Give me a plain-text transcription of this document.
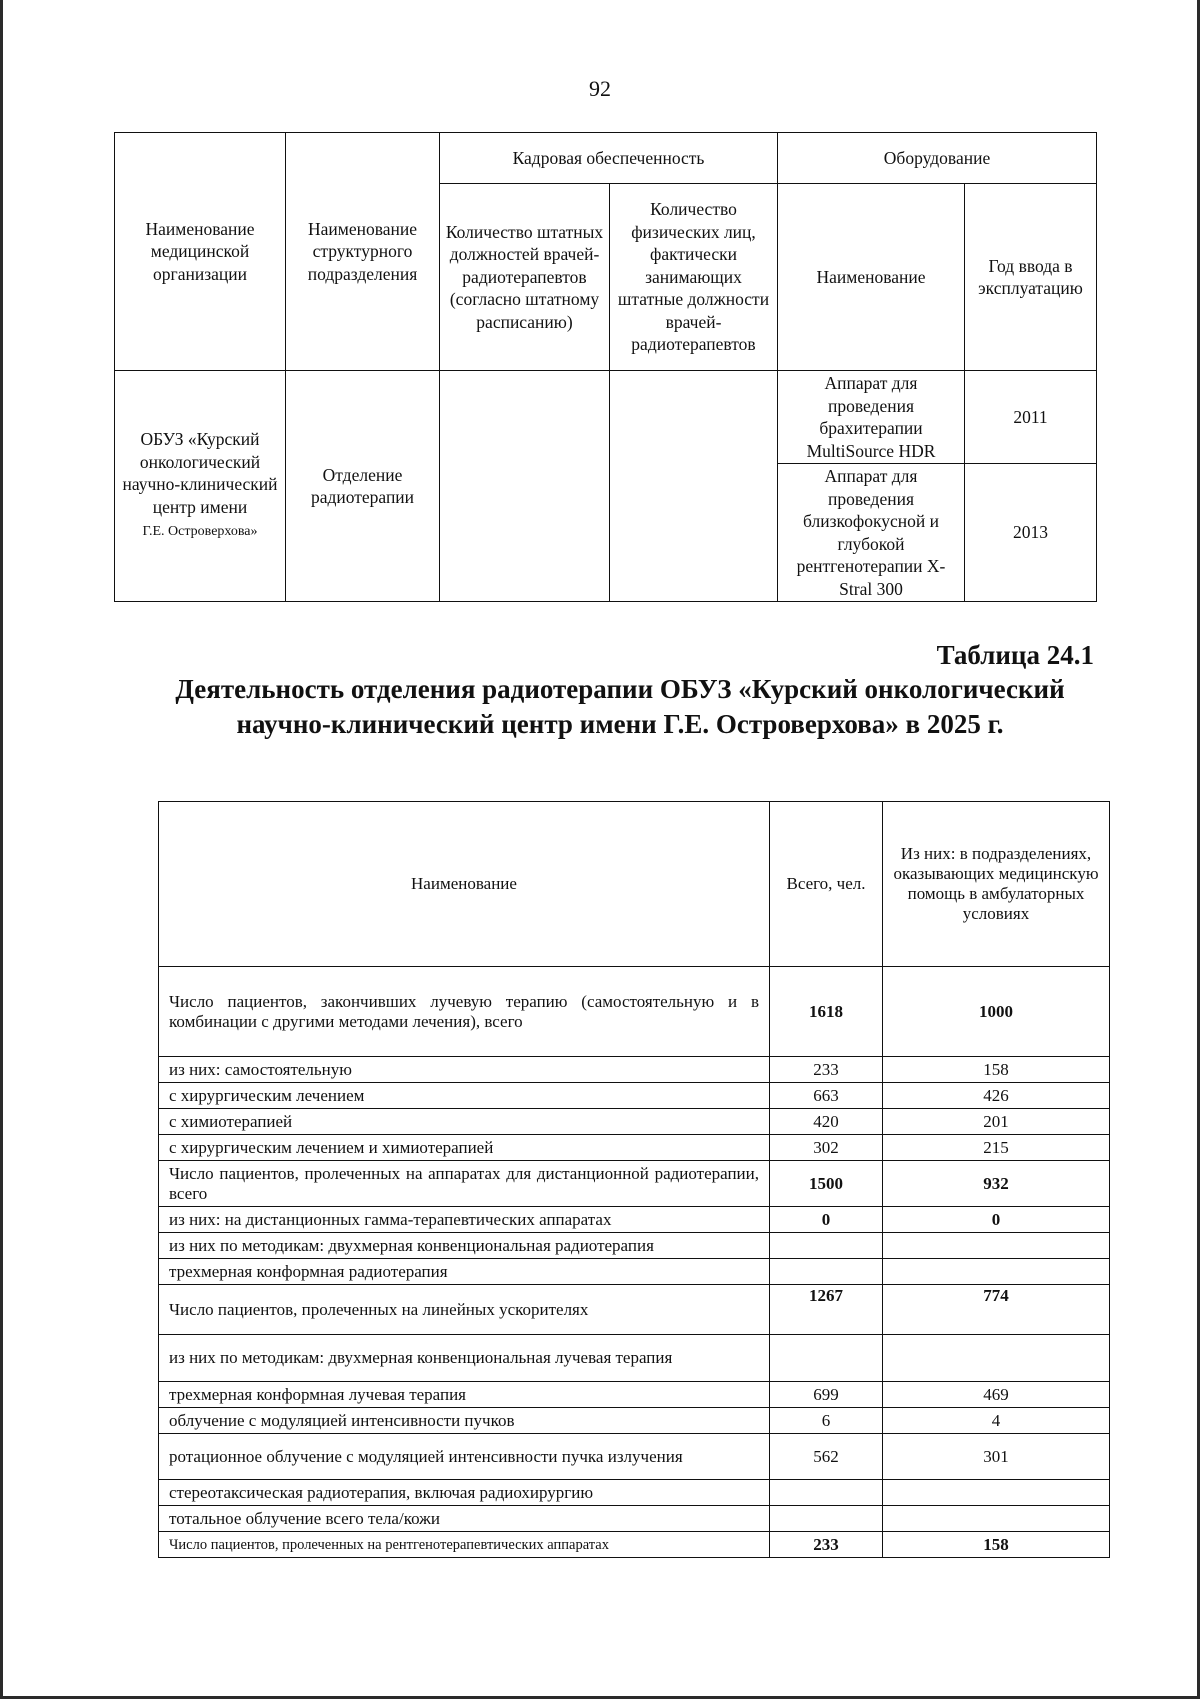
92
Наименование медицинской организации	Наименование структурного подразделения	Кадровая обеспеченность		Оборудование	
		Количество штатных должностей врачей-радиотерапевтов (согласно штатному расписанию)	Количество физических лиц, фактически занимающих штатные должности врачей-радиотерапевтов	Наименование	Год ввода в эксплуатацию
ОБУЗ «Курский онкологический научно-клинический центр имени
Г.Е. Островерхова»	Отделение радиотерапии			Аппарат для проведения брахитерапии MultiSource HDR	2011
				Аппарат для проведения близкофокусной и глубокой рентгенотерапии X-Stral 300	2013
Таблица 24.1
Деятельность отделения радиотерапии ОБУЗ «Курский онкологический научно-клинический центр имени Г.Е. Островерхова» в 2025 г.
Наименование	Всего, чел.	Из них: в подразделениях, оказывающих медицинскую помощь в амбулаторных условиях
Число пациентов, закончивших лучевую терапию (самостоятельную и в комбинации с другими методами лечения), всего	1618	1000
из них: самостоятельную	233	158
с хирургическим лечением	663	426
с химиотерапией	420	201
с хирургическим лечением и химиотерапией	302	215
Число пациентов, пролеченных на аппаратах для дистанционной радиотерапии, всего	1500	932
из них: на дистанционных гамма-терапевтических аппаратах	0	0
из них по методикам: двухмерная конвенциональная радиотерапия		
трехмерная конформная радиотерапия		
Число пациентов, пролеченных на линейных ускорителях	1267	774
из них по методикам: двухмерная конвенциональная лучевая терапия		
трехмерная конформная лучевая терапия	699	469
облучение с модуляцией интенсивности пучков	6	4
ротационное облучение с модуляцией интенсивности пучка излучения	562	301
стереотаксическая радиотерапия, включая радиохирургию		
тотальное облучение всего тела/кожи		
Число пациентов, пролеченных на рентгенотерапевтических аппаратах	233	158
